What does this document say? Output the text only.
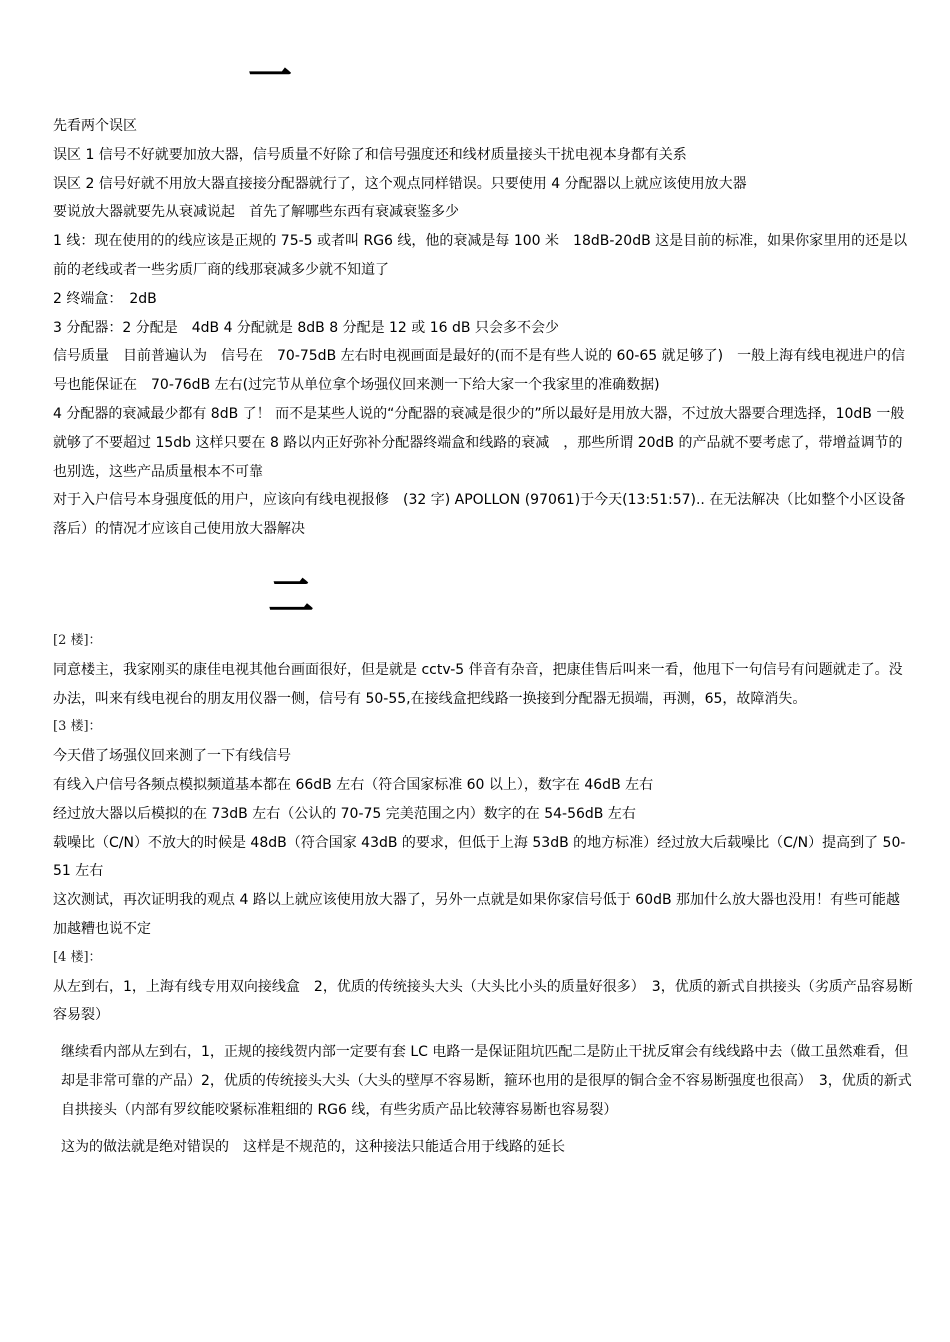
一

先看两个误区

误区 1 信号不好就要加放大器，信号质量不好除了和信号强度还和线材质量接头干扰电视本身都有关系

误区 2 信号好就不用放大器直接接分配器就行了，这个观点同样错误。只要使用 4 分配器以上就应该使用放大器

要说放大器就要先从衰减说起　首先了解哪些东西有衰减衰鉴多少

1 线：现在使用的的线应该是正规的 75-5 或者叫 RG6 线，他的衰减是每 100 米　18dB-20dB 这是目前的标准，如果你家里用的还是以前的老线或者一些劣质厂商的线那衰减多少就不知道了

2 终端盒：　2dB

3 分配器：2 分配是　4dB 4 分配就是 8dB 8 分配是 12 或 16 dB 只会多不会少

信号质量　目前普遍认为　信号在　70-75dB 左右时电视画面是最好的(而不是有些人说的 60-65 就足够了)　一般上海有线电视进户的信号也能保证在　70-76dB 左右(过完节从单位拿个场强仪回来测一下给大家一个我家里的准确数据)

4 分配器的衰减最少都有 8dB 了！ 而不是某些人说的“分配器的衰减是很少的”所以最好是用放大器，不过放大器要合理选择，10dB 一般就够了不要超过 15db 这样只要在 8 路以内正好弥补分配器终端盒和线路的衰减　，那些所谓 20dB 的产品就不要考虑了，带增益调节的也别选，这些产品质量根本不可靠

对于入户信号本身强度低的用户，应该向有线电视报修　(32 字) APOLLON (97061)于今天(13:51:57).. 在无法解决（比如整个小区设备落后）的情况才应该自己使用放大器解决

二

[2 楼]：

同意楼主，我家刚买的康佳电视其他台画面很好，但是就是 cctv-5 伴音有杂音，把康佳售后叫来一看，他甩下一句信号有问题就走了。没办法，叫来有线电视台的朋友用仪器一侧，信号有 50-55,在接线盒把线路一换接到分配器无损端，再测，65，故障消失。

[3 楼]：

今天借了场强仪回来测了一下有线信号

有线入户信号各频点模拟频道基本都在 66dB 左右（符合国家标准 60 以上），数字在 46dB 左右

经过放大器以后模拟的在 73dB 左右（公认的 70-75 完美范围之内）数字的在 54-56dB 左右

载噪比（C/N）不放大的时候是 48dB（符合国家 43dB 的要求，但低于上海 53dB 的地方标准）经过放大后载噪比（C/N）提高到了 50-51 左右

这次测试，再次证明我的观点 4 路以上就应该使用放大器了，另外一点就是如果你家信号低于 60dB 那加什么放大器也没用！有些可能越加越糟也说不定

[4 楼]：

从左到右，1，上海有线专用双向接线盒　2，优质的传统接头大头（大头比小头的质量好很多）　3，优质的新式自拱接头（劣质产品容易断容易裂）

继续看内部从左到右，1，正规的接线贺内部一定要有套 LC 电路一是保证阻坑匹配二是防止干扰反窜会有线线路中去（做工虽然难看，但却是非常可靠的产品）2，优质的传统接头大头（大头的壁厚不容易断，箍环也用的是很厚的铜合金不容易断强度也很高）　3，优质的新式自拱接头（内部有罗纹能咬紧标准粗细的 RG6 线，有些劣质产品比较薄容易断也容易裂）

这为的做法就是绝对错误的　这样是不规范的，这种接法只能适合用于线路的延长
